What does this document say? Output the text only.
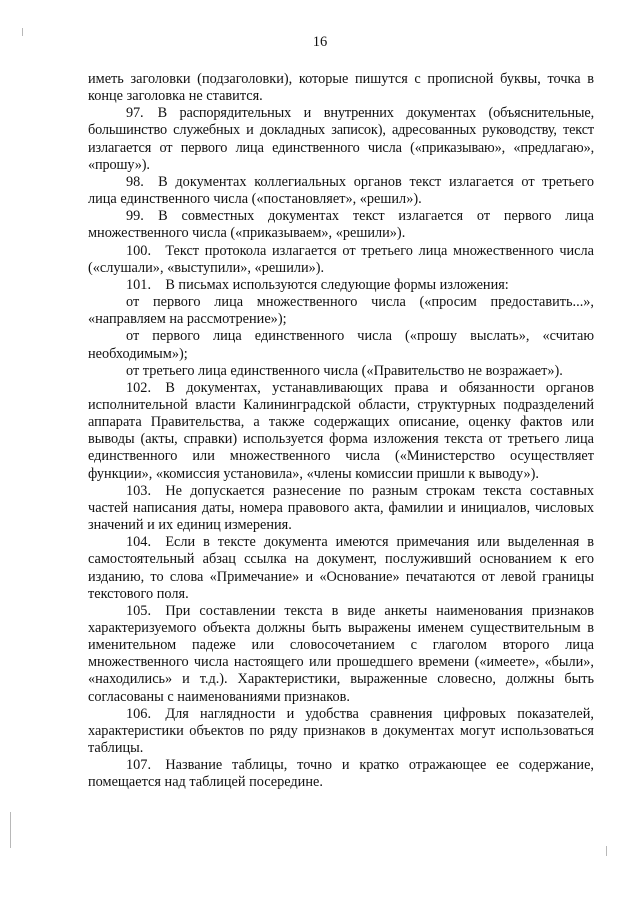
16

иметь заголовки (подзаголовки), которые пишутся с прописной буквы, точка в конце заголовка не ставится.

97. В распорядительных и внутренних документах (объяснительные, большинство служебных и докладных записок), адресованных руководству, текст излагается от первого лица единственного числа («приказываю», «предлагаю», «прошу»).

98. В документах коллегиальных органов текст излагается от третьего лица единственного числа («постановляет», «решил»).

99. В совместных документах текст излагается от первого лица множественного числа («приказываем», «решили»).

100. Текст протокола излагается от третьего лица множественного числа («слушали», «выступили», «решили»).

101. В письмах используются следующие формы изложения:

от первого лица множественного числа («просим предоставить...», «направляем на рассмотрение»);

от первого лица единственного числа («прошу выслать», «считаю необходимым»);

от третьего лица единственного числа («Правительство не возражает»).

102. В документах, устанавливающих права и обязанности органов исполнительной власти Калининградской области, структурных подразделений аппарата Правительства, а также содержащих описание, оценку фактов или выводы (акты, справки) используется форма изложения текста от третьего лица единственного или множественного числа («Министерство осуществляет функции», «комиссия установила», «члены комиссии пришли к выводу»).

103. Не допускается разнесение по разным строкам текста составных частей написания даты, номера правового акта, фамилии и инициалов, числовых значений и их единиц измерения.

104. Если в тексте документа имеются примечания или выделенная в самостоятельный абзац ссылка на документ, послуживший основанием к его изданию, то слова «Примечание» и «Основание» печатаются от левой границы текстового поля.

105. При составлении текста в виде анкеты наименования признаков характеризуемого объекта должны быть выражены именем существительным в именительном падеже или словосочетанием с глаголом второго лица множественного числа настоящего или прошедшего времени («имеете», «были», «находились» и т.д.). Характеристики, выраженные словесно, должны быть согласованы с наименованиями признаков.

106. Для наглядности и удобства сравнения цифровых показателей, характеристики объектов по ряду признаков в документах могут использоваться таблицы.

107. Название таблицы, точно и кратко отражающее ее содержание, помещается над таблицей посередине.
